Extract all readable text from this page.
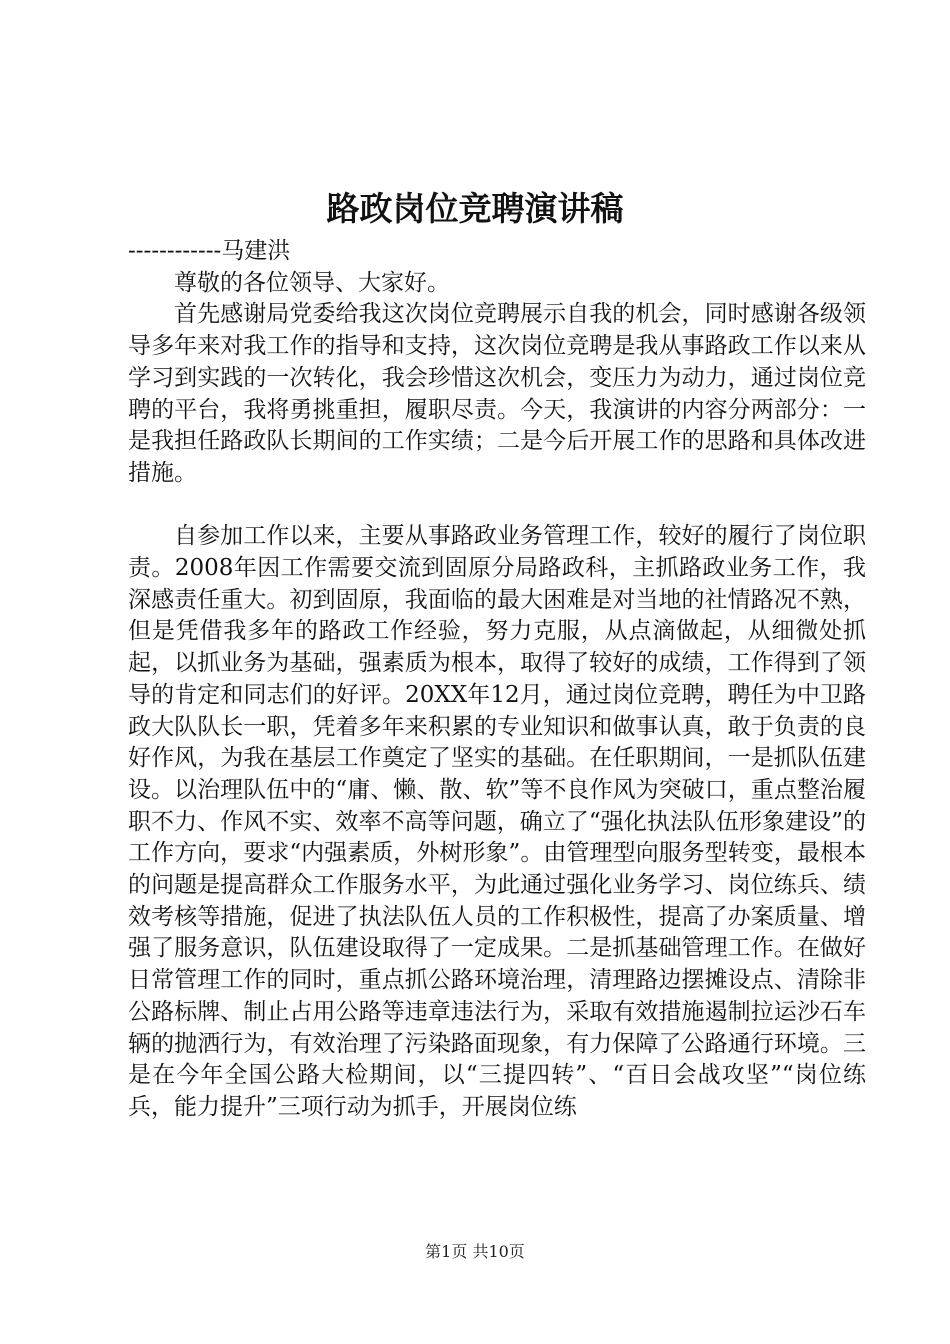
路政岗位竞聘演讲稿

------------马建洪

尊敬的各位领导、大家好。

首先感谢局党委给我这次岗位竞聘展示自我的机会，同时感谢各级领导多年来对我工作的指导和支持，这次岗位竞聘是我从事路政工作以来从学习到实践的一次转化，我会珍惜这次机会，变压力为动力，通过岗位竞聘的平台，我将勇挑重担，履职尽责。今天，我演讲的内容分两部分：一是我担任路政队长期间的工作实绩；二是今后开展工作的思路和具体改进措施。

自参加工作以来，主要从事路政业务管理工作，较好的履行了岗位职责。2008年因工作需要交流到固原分局路政科，主抓路政业务工作，我深感责任重大。初到固原，我面临的最大困难是对当地的社情路况不熟，但是凭借我多年的路政工作经验，努力克服，从点滴做起，从细微处抓起，以抓业务为基础，强素质为根本，取得了较好的成绩，工作得到了领导的肯定和同志们的好评。20XX年12月，通过岗位竞聘，聘任为中卫路政大队队长一职，凭着多年来积累的专业知识和做事认真，敢于负责的良好作风，为我在基层工作奠定了坚实的基础。在任职期间，一是抓队伍建设。以治理队伍中的“庸、懒、散、软”等不良作风为突破口，重点整治履职不力、作风不实、效率不高等问题，确立了“强化执法队伍形象建设”的工作方向，要求“内强素质，外树形象”。由管理型向服务型转变，最根本的问题是提高群众工作服务水平，为此通过强化业务学习、岗位练兵、绩效考核等措施，促进了执法队伍人员的工作积极性，提高了办案质量、增强了服务意识，队伍建设取得了一定成果。二是抓基础管理工作。在做好日常管理工作的同时，重点抓公路环境治理，清理路边摆摊设点、清除非公路标牌、制止占用公路等违章违法行为，采取有效措施遏制拉运沙石车辆的抛洒行为，有效治理了污染路面现象，有力保障了公路通行环境。三是在今年全国公路大检期间，以“三提四转”、“百日会战攻坚”“岗位练兵，能力提升”三项行动为抓手，开展岗位练

第1页 共10页
